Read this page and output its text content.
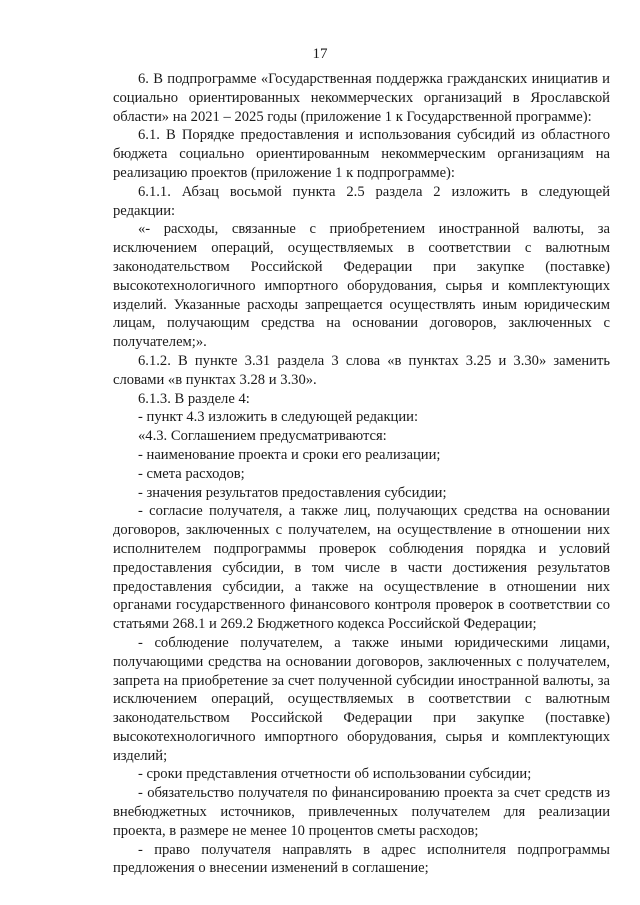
17

6. В подпрограмме «Государственная поддержка гражданских инициатив и социально ориентированных некоммерческих организаций в Ярославской области» на 2021 – 2025 годы (приложение 1 к Государственной программе):

6.1. В Порядке предоставления и использования субсидий из областного бюджета социально ориентированным некоммерческим организациям на реализацию проектов (приложение 1 к подпрограмме):

6.1.1. Абзац восьмой пункта 2.5 раздела 2 изложить в следующей редакции:

«- расходы, связанные с приобретением иностранной валюты, за исключением операций, осуществляемых в соответствии с валютным законодательством Российской Федерации при закупке (поставке) высокотехнологичного импортного оборудования, сырья и комплектующих изделий. Указанные расходы запрещается осуществлять иным юридическим лицам, получающим средства на основании договоров, заключенных с получателем;».

6.1.2. В пункте 3.31 раздела 3 слова «в пунктах 3.25 и 3.30» заменить словами «в пунктах 3.28 и 3.30».

6.1.3. В разделе 4:

- пункт 4.3 изложить в следующей редакции:

«4.3. Соглашением предусматриваются:

- наименование проекта и сроки его реализации;

- смета расходов;

- значения результатов предоставления субсидии;

- согласие получателя, а также лиц, получающих средства на основании договоров, заключенных с получателем, на осуществление в отношении них исполнителем подпрограммы проверок соблюдения порядка и условий предоставления субсидии, в том числе в части достижения результатов предоставления субсидии, а также на осуществление в отношении них органами государственного финансового контроля проверок в соответствии со статьями 268.1 и 269.2 Бюджетного кодекса Российской Федерации;

- соблюдение получателем, а также иными юридическими лицами, получающими средства на основании договоров, заключенных с получателем, запрета на приобретение за счет полученной субсидии иностранной валюты, за исключением операций, осуществляемых в соответствии с валютным законодательством Российской Федерации при закупке (поставке) высокотехнологичного импортного оборудования, сырья и комплектующих изделий;

- сроки представления отчетности об использовании субсидии;

- обязательство получателя по финансированию проекта за счет средств из внебюджетных источников, привлеченных получателем для реализации проекта, в размере не менее 10 процентов сметы расходов;

- право получателя направлять в адрес исполнителя подпрограммы предложения о внесении изменений в соглашение;
